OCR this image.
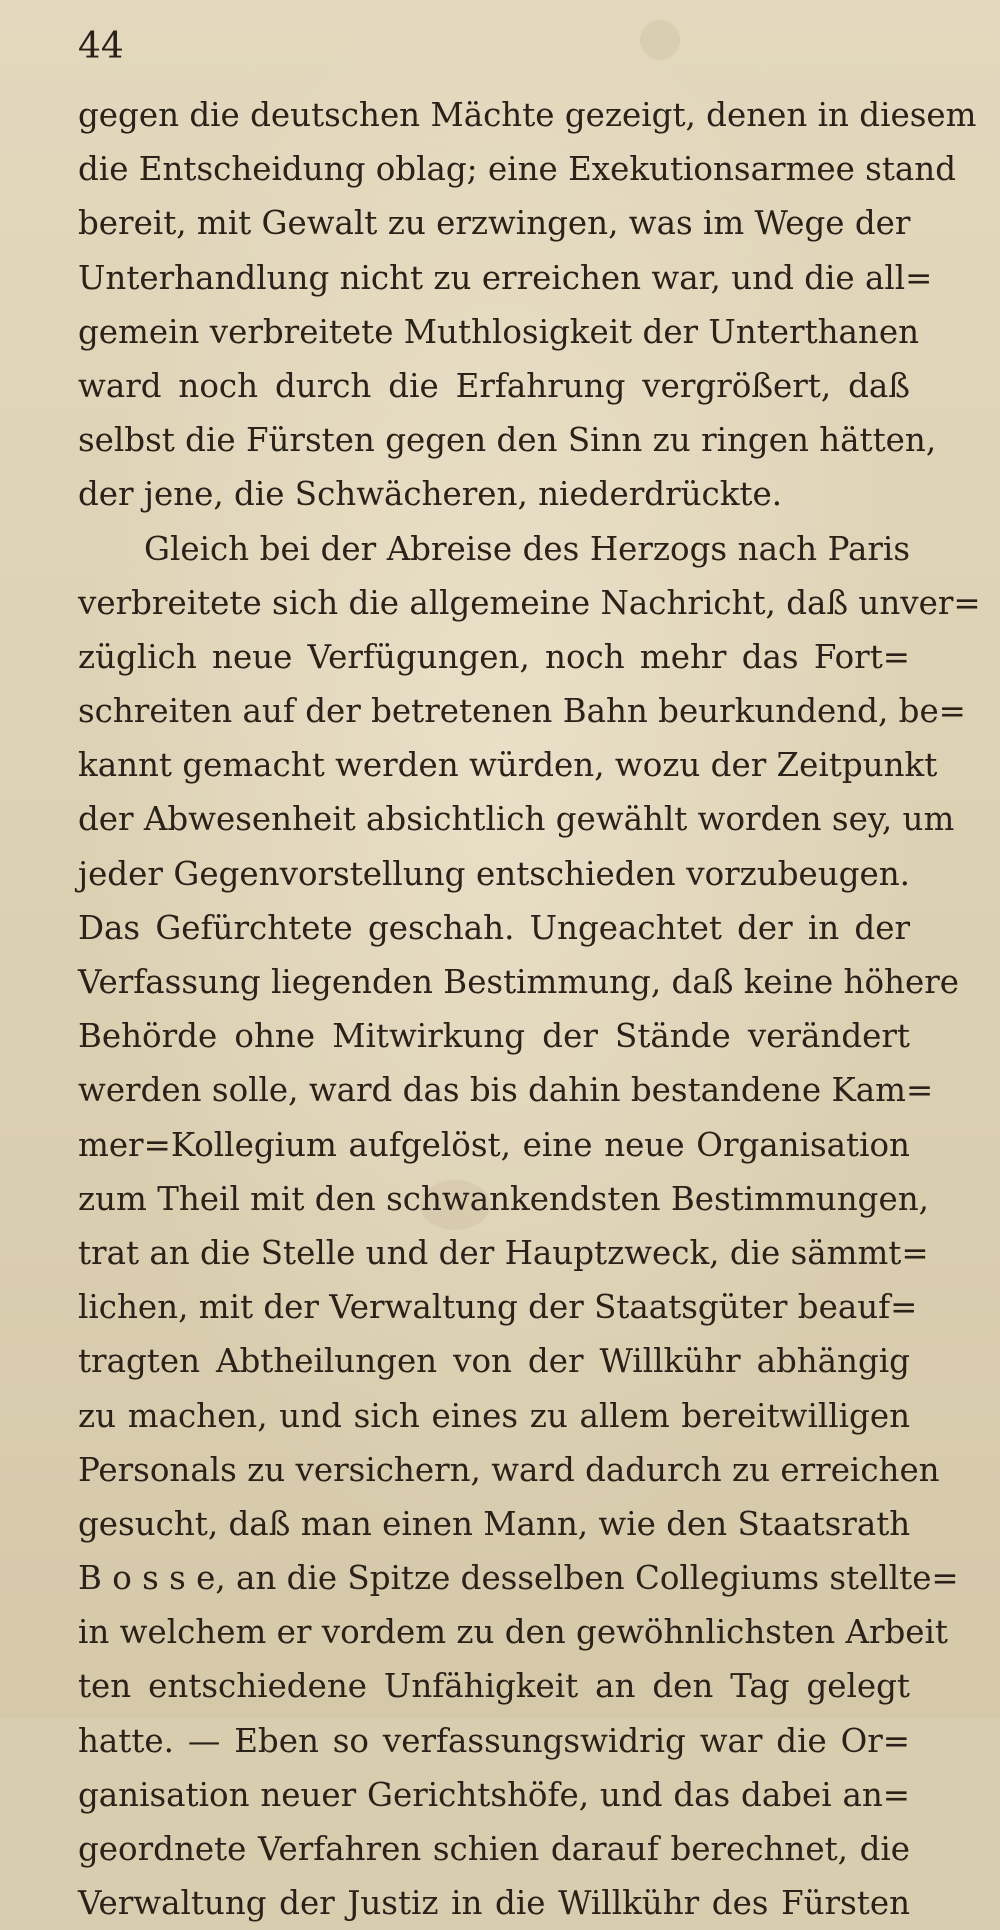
44
gegen die deutschen Mächte gezeigt, denen in diesem
die Entscheidung oblag; eine Exekutionsarmee stand
bereit, mit Gewalt zu erzwingen, was im Wege der
Unterhandlung nicht zu erreichen war, und die all=
gemein verbreitete Muthlosigkeit der Unterthanen
ward noch durch die Erfahrung vergrößert, daß
selbst die Fürsten gegen den Sinn zu ringen hätten,
der jene, die Schwächeren, niederdrückte.
Gleich bei der Abreise des Herzogs nach Paris
verbreitete sich die allgemeine Nachricht, daß unver=
züglich neue Verfügungen, noch mehr das Fort=
schreiten auf der betretenen Bahn beurkundend, be=
kannt gemacht werden würden, wozu der Zeitpunkt
der Abwesenheit absichtlich gewählt worden sey, um
jeder Gegenvorstellung entschieden vorzubeugen.
Das Gefürchtete geschah. Ungeachtet der in der
Verfassung liegenden Bestimmung, daß keine höhere
Behörde ohne Mitwirkung der Stände verändert
werden solle, ward das bis dahin bestandene Kam=
mer=Kollegium aufgelöst, eine neue Organisation
zum Theil mit den schwankendsten Bestimmungen,
trat an die Stelle und der Hauptzweck, die sämmt=
lichen, mit der Verwaltung der Staatsgüter beauf=
tragten Abtheilungen von der Willkühr abhängig
zu machen, und sich eines zu allem bereitwilligen
Personals zu versichern, ward dadurch zu erreichen
gesucht, daß man einen Mann, wie den Staatsrath
B o s s e, an die Spitze desselben Collegiums stellte=
in welchem er vordem zu den gewöhnlichsten Arbeit
ten entschiedene Unfähigkeit an den Tag gelegt
hatte. — Eben so verfassungswidrig war die Or=
ganisation neuer Gerichtshöfe, und das dabei an=
geordnete Verfahren schien darauf berechnet, die
Verwaltung der Justiz in die Willkühr des Fürsten
